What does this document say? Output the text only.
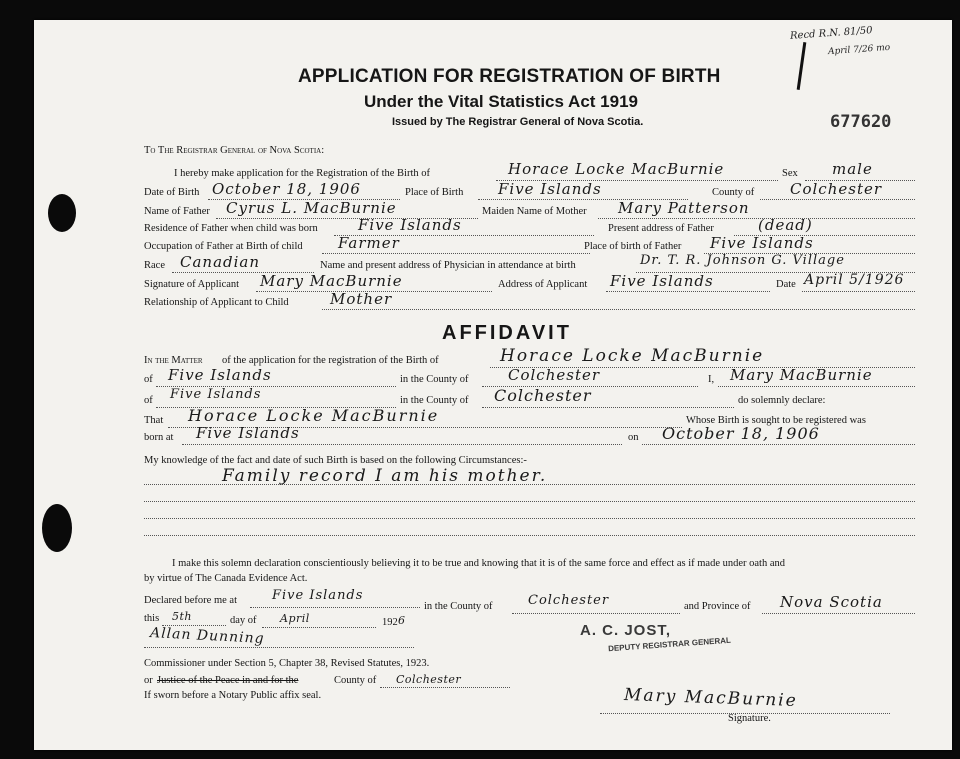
Recd R.N. 81/50
April 7/26 mo
677620
APPLICATION FOR REGISTRATION OF BIRTH
Under the Vital Statistics Act 1919
Issued by The Registrar General of Nova Scotia.
To The Registrar General of Nova Scotia:
I hereby make application for the Registration of the Birth of	Horace Locke MacBurnie	Sex male
Date of Birth October 18, 1906	Place of Birth Five Islands	County of Colchester
Name of Father Cyrus L. MacBurnie	Maiden Name of Mother Mary Patterson
Residence of Father when child was born	Five Islands	Present address of Father	(dead)
Occupation of Father at Birth of child Farmer	Place of birth of Father Five Islands
Race Canadian	Name and present address of Physician in attendance at birth	Dr. T. R. Johnson G. Village
Signature of Applicant Mary MacBurnie	Address of Applicant Five Islands	Date April 5/1926
Relationship of Applicant to Child	Mother
AFFIDAVIT
In the Matter of the application for the registration of the Birth of	Horace Locke MacBurnie
of Five Islands	in the County of	Colchester	I, Mary MacBurnie
of Five Islands	in the County of Colchester	do solemnly declare:
That Horace Locke MacBurnie	Whose Birth is sought to be registered was
born at Five Islands	on October 18, 1906
My knowledge of the fact and date of such Birth is based on the following Circumstances:-
Family record I am his mother.
I make this solemn declaration conscientiously believing it to be true and knowing that it is of the same force and effect as if made under oath and
by virtue of The Canada Evidence Act.
Declared before me at	Five Islands
in the County of	Colchester	and Province of Nova Scotia
this 5th	day of April	192 6
Allan Dunning
Commissioner under Section 5, Chapter 38, Revised Statutes, 1923.
or Justice of the Peace in and for the	County of Colchester
If sworn before a Notary Public affix seal.
A. C. JOST,
DEPUTY REGISTRAR GENERAL
Mary MacBurnie
Signature.
